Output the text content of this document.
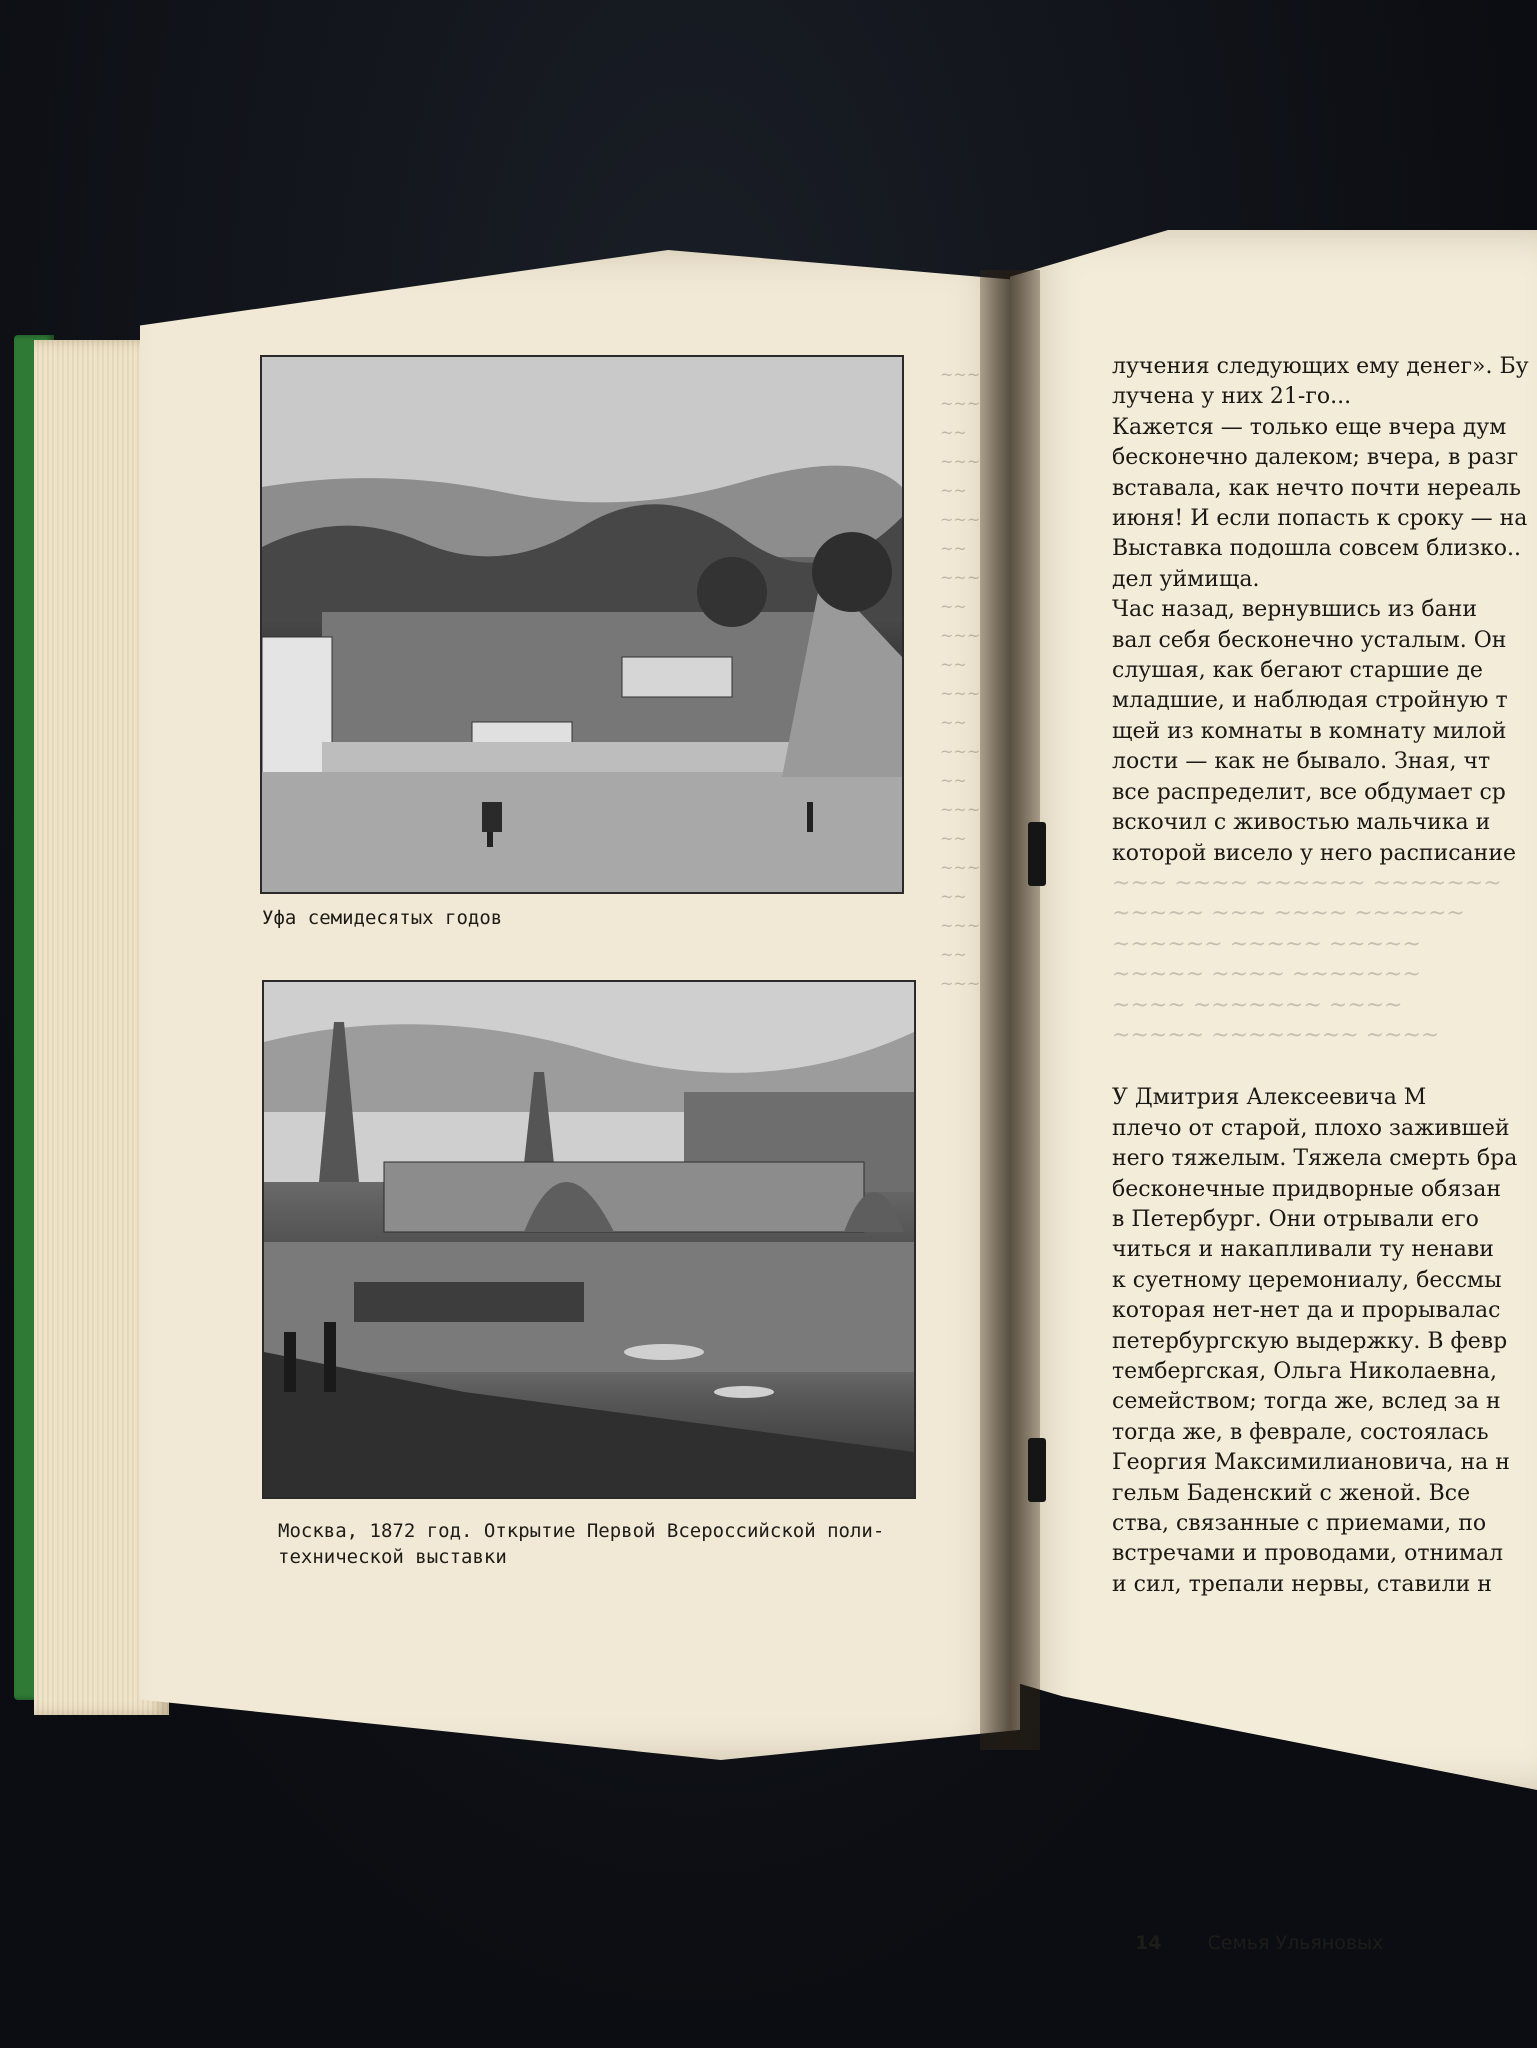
~~~
~~~
~~
~~~
~~
~~~
~~
~~~
~~
~~~
~~
~~~
~~
~~~
~~
~~~
~~
~~~
~~
~~~
~~
~~~
Уфа семидесятых годов
Москва, 1872 год. Открытие Первой Всероссийской поли-
технической выставки

лучения следующих ему денег». Бу

лучена у них 21-го...

Кажется — только еще вчера дум

бесконечно далеком; вчера, в разг

вставала, как нечто почти нереаль

июня! И если попасть к сроку — на

Выставка подошла совсем близко..

дел уймища.

Час назад, вернувшись из бани

вал себя бесконечно усталым. Он

слушая, как бегают старшие де

младшие, и наблюдая стройную т

щей из комнаты в комнату милой

лости — как не бывало. Зная, чт

все распределит, все обдумает ср

вскочил с живостью мальчика и

которой висело у него расписание

~~~ ~~~~ ~~~~~~ ~~~~~~~

~~~~~ ~~~ ~~~~ ~~~~~~

~~~~~~ ~~~~~ ~~~~~

~~~~~ ~~~~ ~~~~~~~

~~~~ ~~~~~~~ ~~~~

~~~~~ ~~~~~~~~ ~~~~

У Дмитрия Алексеевича М

плечо от старой, плохо зажившей

него тяжелым. Тяжела смерть бра

бесконечные придворные обязан

в Петербург. Они отрывали его

читься и накапливали ту ненави

к суетному церемониалу, бессмы

которая нет-нет да и прорывалас

петербургскую выдержку. В февр

тембергская, Ольга Николаевна,

семейством; тогда же, вслед за н

тогда же, в феврале, состоялась

Георгия Максимилиановича, на н

гельм Баденский с женой. Все

ства, связанные с приемами, по

встречами и проводами, отнимал

и сил, трепали нервы, ставили н

14 Семья Ульяновых
